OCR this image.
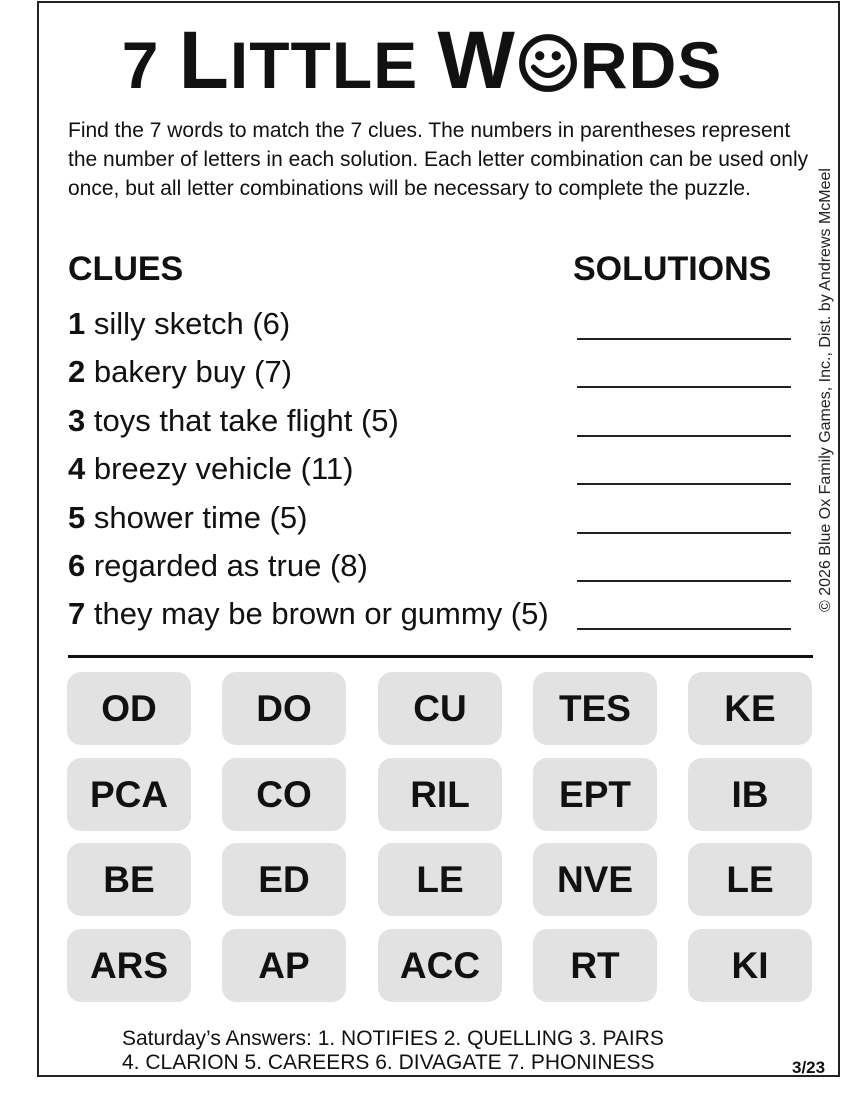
7 LITTLE W RDS
Find the 7 words to match the 7 clues. The numbers in parentheses represent the number of letters in each solution. Each letter combination can be used only once, but all letter combinations will be necessary to complete the puzzle.	© 2026 Blue Ox Family Games, Inc., Dist. by Andrews McMeel
CLUES	SOLUTIONS
1 silly sketch (6)
2 bakery buy (7)
3 toys that take flight (5)
4 breezy vehicle (11)
5 shower time (5)
6 regarded as true (8)
7 they may be brown or gummy (5)
OD	DO	CU	TES	KE
PCA	CO	RIL	EPT	IB
BE	ED	LE	NVE	LE
ARS	AP	ACC	RT	KI
Saturday’s Answers: 1. NOTIFIES 2. QUELLING 3. PAIRS
4. CLARION 5. CAREERS 6. DIVAGATE 7. PHONINESS	3/23
